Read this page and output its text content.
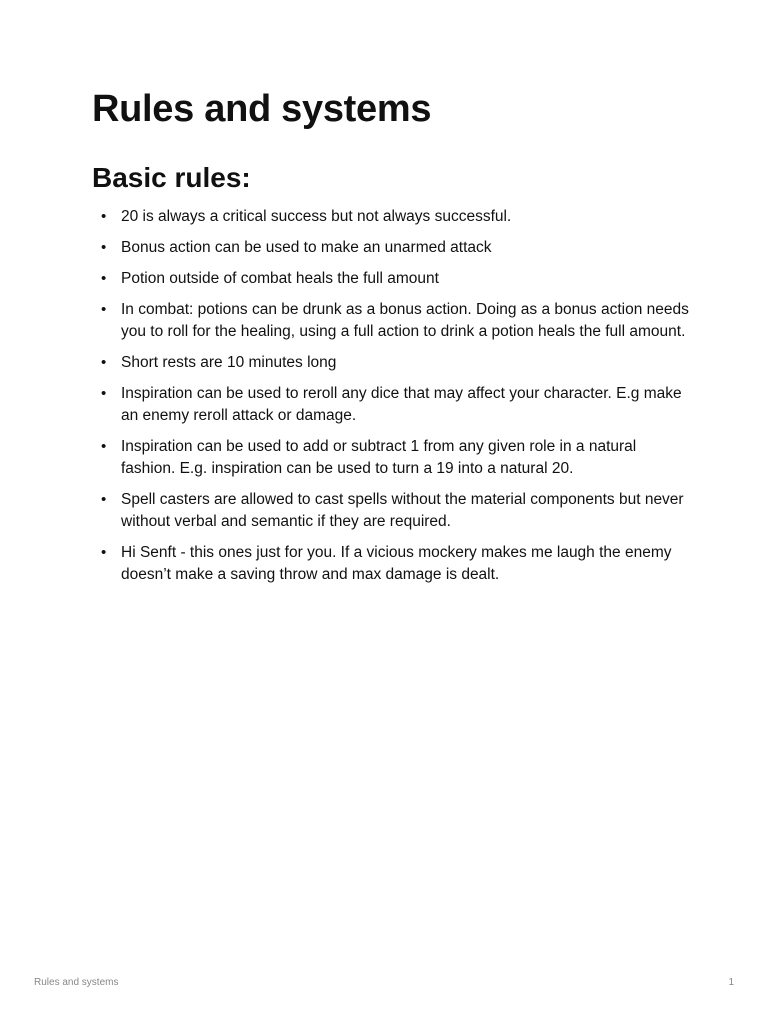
Rules and systems
Basic rules:
• 20 is always a critical success but not always successful.
• Bonus action can be used to make an unarmed attack
• Potion outside of combat heals the full amount
• In combat: potions can be drunk as a bonus action. Doing as a bonus action needs you to roll for the healing, using a full action to drink a potion heals the full amount.
• Short rests are 10 minutes long
• Inspiration can be used to reroll any dice that may affect your character. E.g make an enemy reroll attack or damage.
• Inspiration can be used to add or subtract 1 from any given role in a natural fashion. E.g. inspiration can be used to turn a 19 into a natural 20.
• Spell casters are allowed to cast spells without the material components but never without verbal and semantic if they are required.
• Hi Senft - this ones just for you. If a vicious mockery makes me laugh the enemy doesn’t make a saving throw and max damage is dealt.
Rules and systems	1
